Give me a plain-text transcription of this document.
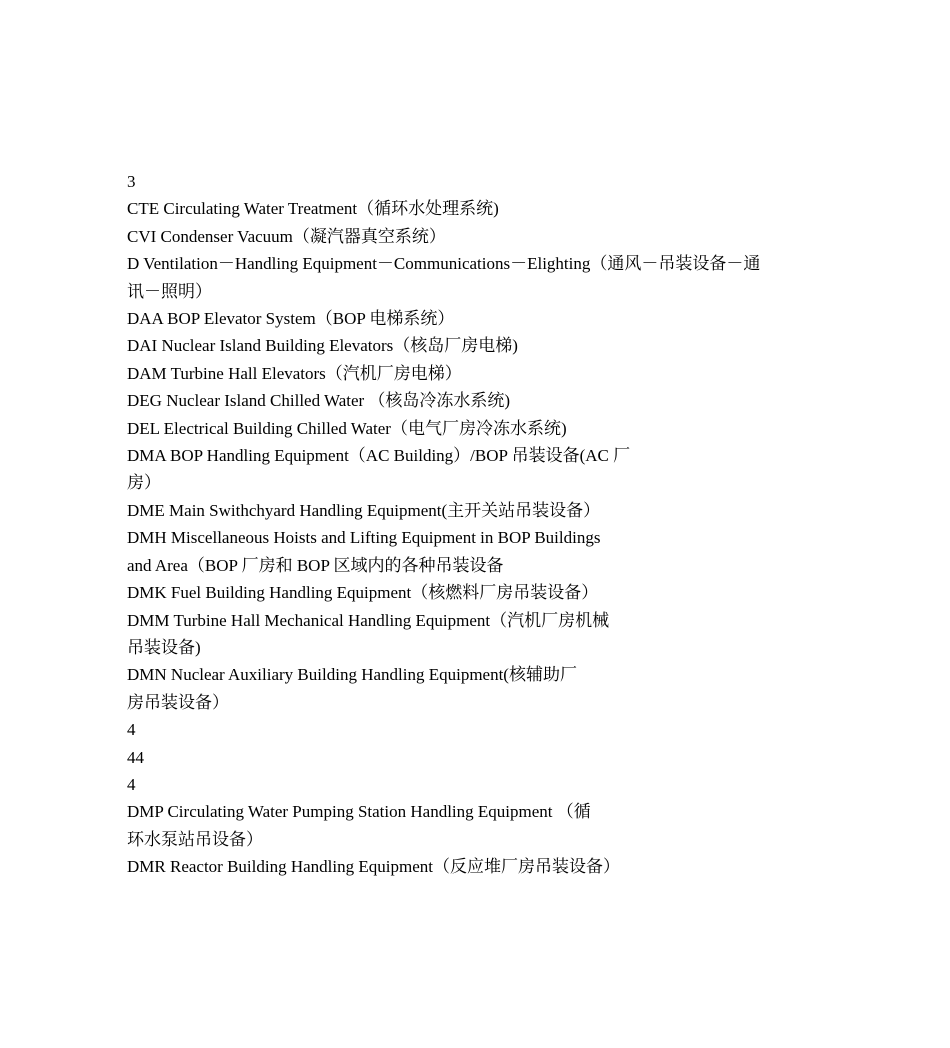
3
CTE Circulating Water Treatment（循环水处理系统)
CVI Condenser Vacuum（凝汽器真空系统）
D Ventilation－Handling Equipment－Communications－Elighting（通风－吊装设备－通
讯－照明）
DAA BOP Elevator System（BOP 电梯系统）
DAI Nuclear Island Building Elevators（核岛厂房电梯)
DAM Turbine Hall Elevators（汽机厂房电梯）
DEG Nuclear Island Chilled Water （核岛冷冻水系统)
DEL Electrical Building Chilled Water（电气厂房冷冻水系统)
DMA BOP Handling Equipment（AC Building）/BOP 吊装设备(AC 厂
房）
DME Main Swithchyard Handling Equipment(主开关站吊装设备）
DMH Miscellaneous Hoists and Lifting Equipment in BOP Buildings
and Area（BOP 厂房和 BOP 区域内的各种吊装设备
DMK Fuel Building Handling Equipment（核燃料厂房吊装设备）
DMM Turbine Hall Mechanical Handling Equipment（汽机厂房机械
吊装设备)
DMN Nuclear Auxiliary Building Handling Equipment(核辅助厂
房吊装设备）
4
44
4
DMP Circulating Water Pumping Station Handling Equipment （循
环水泵站吊设备）
DMR Reactor Building Handling Equipment（反应堆厂房吊装设备）
